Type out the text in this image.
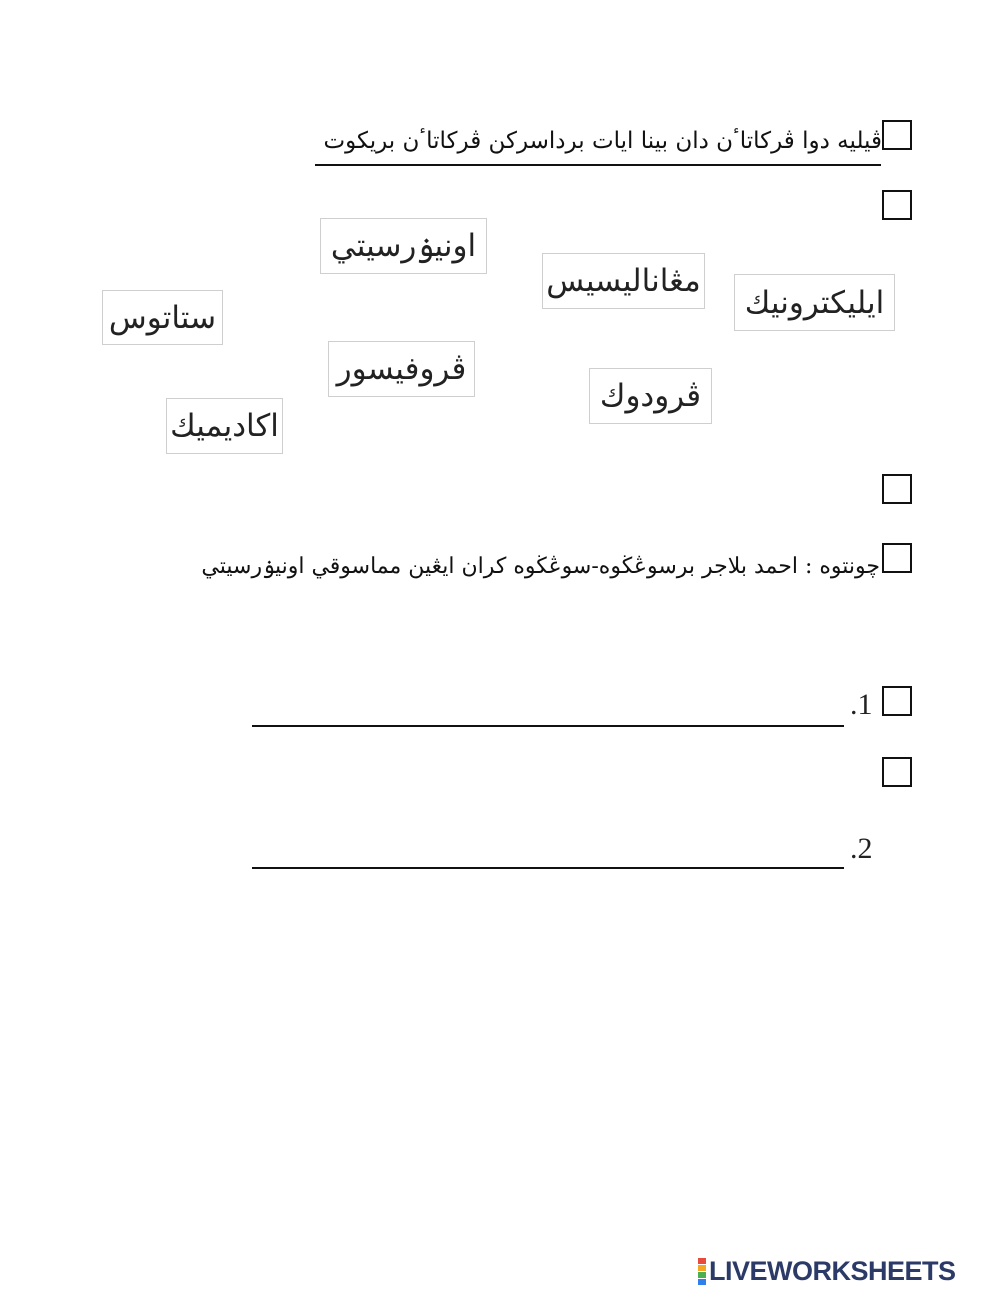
ڤيليه دوا ڤركاتاٴن دان بينا ايات برداسركن ڤركاتاٴن بريكوت
اونيۏرسيتي
مڠاناليسيس
ايليكترونيك
ستاتوس
ڤروفيسور
ڤرودوك
اكاديميك
چونتوه : احمد بلاجر برسوڠڬوه-سوڠڬوه كران ايڠين مماسوقي اونيۏرسيتي
.1
.2
LIVEWORKSHEETS
